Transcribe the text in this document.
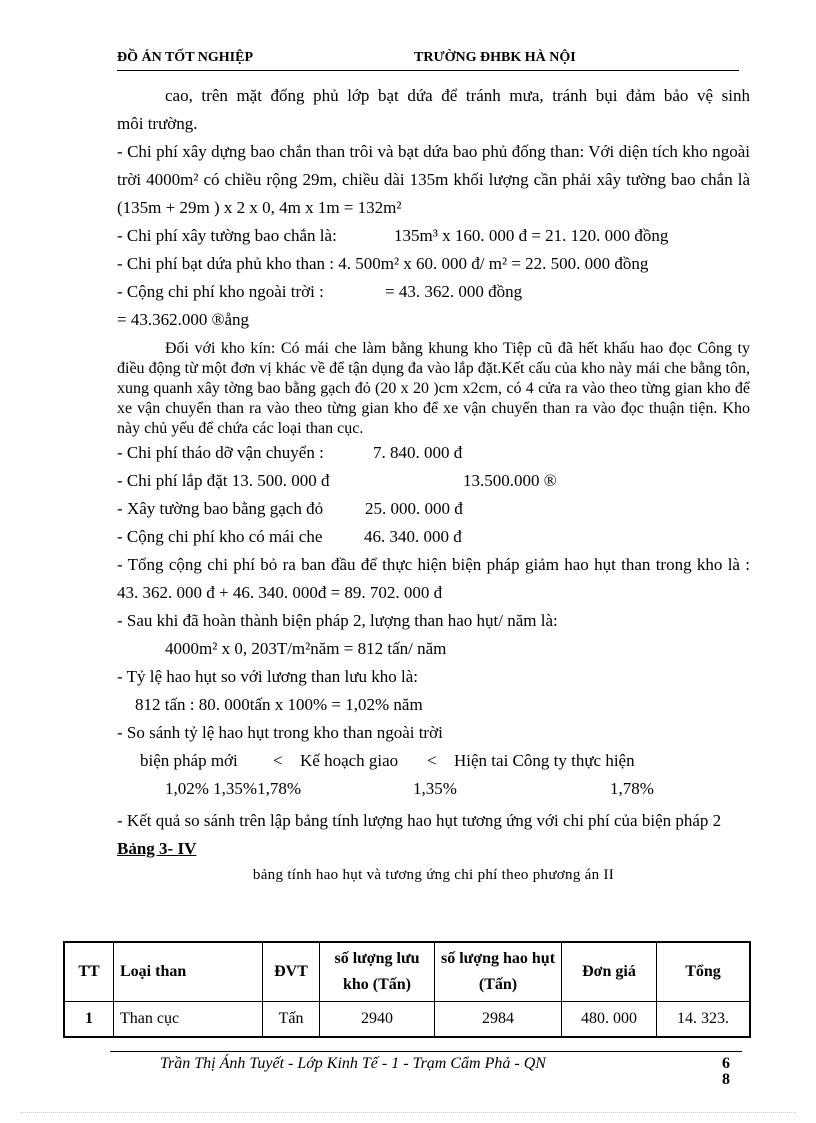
ĐỒ ÁN TỐT NGHIỆP	TRƯỜNG ĐHBK HÀ NỘI

cao, trên mặt đống phủ lớp bạt dứa để tránh mưa, tránh bụi đảm bảo vệ sinh

môi trường.

- Chi phí xây dựng bao chắn than trôi và bạt dứa bao phủ đống than: Với diện tích kho ngoài trời 4000m² có chiều rộng 29m, chiều dài 135m khối lượng cần phải xây tường bao chắn là (135m + 29m ) x 2 x 0, 4m x 1m = 132m²

- Chi phí xây tường bao chắn là:	135m³ x 160. 000 đ = 21. 120. 000 đồng

- Chi phí bạt dứa phủ kho than : 4. 500m² x 60. 000 đ/ m² = 22. 500. 000 đồng

- Cộng chi phí kho ngoài trời :	= 43. 362. 000 đồng

= 43.362.000 ®ång

Đối với kho kín: Có mái che làm bằng khung kho Tiệp cũ đã hết khấu hao đọc Công ty điều động từ một đơn vị khác về để tận dụng đa vào lắp đặt.Kết cấu của kho này mái che bằng tôn, xung quanh xây tờng bao bằng gạch đỏ (20 x 20 )cm x2cm, có 4 cửa ra vào theo từng gian kho để xe vận chuyển than ra vào theo từng gian kho để xe vận chuyển than ra vào đọc thuận tiện. Kho này chủ yếu để chứa các loại than cục.

- Chi phí tháo dỡ vận chuyển :	7. 840. 000 đ
- Chi phí lắp đặt 13. 500. 000 đ	13.500.000 ®
- Xây tường bao bằng gạch đỏ 25. 000. 000 đ
- Cộng chi phí kho có mái che 46. 340. 000 đ

- Tổng cộng chi phí bỏ ra ban đầu để thực hiện biện pháp giảm hao hụt than trong kho là : 43. 362. 000 đ + 46. 340. 000đ = 89. 702. 000 đ

- Sau khi đã hoàn thành biện pháp 2, lượng than hao hụt/ năm là:

4000m² x 0, 203T/m²năm = 812 tấn/ năm

- Tỷ lệ hao hụt so với lương than lưu kho là:

812 tấn : 80. 000tấn x 100% = 1,02% năm

- So sánh tỷ lệ hao hụt trong kho than ngoài trời

biện pháp mới < Kế hoạch giao < Hiện tai Công ty thực hiện
1,02% 1,35%1,78%	1,35%	1,78%

- Kết quả so sánh trên lập bảng tính lượng hao hụt tương ứng với chi phí của biện pháp 2

Bảng 3- IV

bảng tính hao hụt và tương ứng chi phí theo phương án II

TT	Loại than	ĐVT	số lượng lưu kho (Tấn)	số lượng hao hụt (Tấn)	Đơn giá	Tổng
1	Than cục	Tấn	2940	2984	480. 000	14. 323.
Trần Thị Ánh Tuyết - Lớp Kinh Tế - 1 - Trạm Cẩm Phả - QN	6
8
